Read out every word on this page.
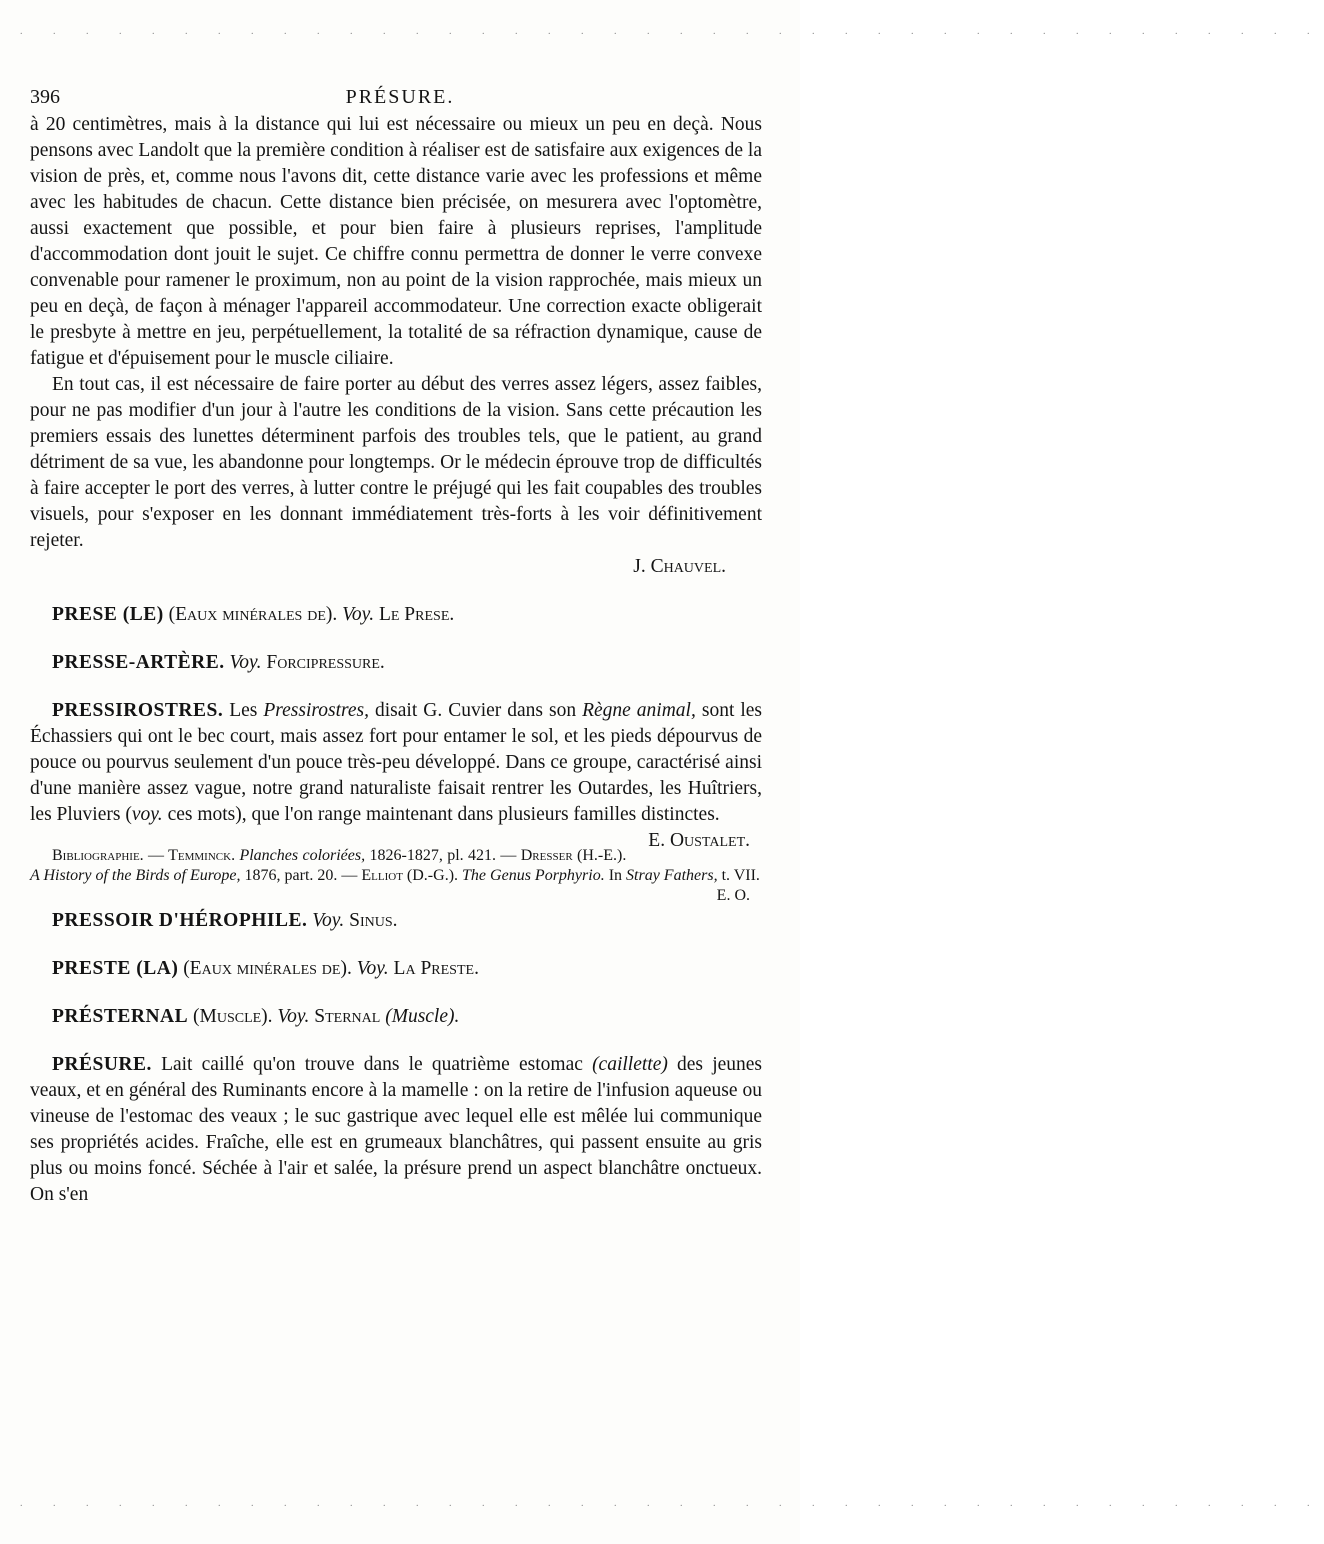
. . . . . . . . . . . . . . . . . . . . . . . . . . . . . . . . . . . . . . . .
396	PRÉSURE.

à 20 centimètres, mais à la distance qui lui est nécessaire ou mieux un peu en deçà. Nous pensons avec Landolt que la première condition à réaliser est de satisfaire aux exigences de la vision de près, et, comme nous l'avons dit, cette distance varie avec les professions et même avec les habitudes de chacun. Cette distance bien précisée, on mesurera avec l'optomètre, aussi exactement que possible, et pour bien faire à plusieurs reprises, l'amplitude d'accommodation dont jouit le sujet. Ce chiffre connu permettra de donner le verre convexe convenable pour ramener le proximum, non au point de la vision rapprochée, mais mieux un peu en deçà, de façon à ménager l'appareil accommodateur. Une correction exacte obligerait le presbyte à mettre en jeu, perpétuellement, la totalité de sa réfraction dynamique, cause de fatigue et d'épuisement pour le muscle ciliaire.

En tout cas, il est nécessaire de faire porter au début des verres assez légers, assez faibles, pour ne pas modifier d'un jour à l'autre les conditions de la vision. Sans cette précaution les premiers essais des lunettes déterminent parfois des troubles tels, que le patient, au grand détriment de sa vue, les abandonne pour longtemps. Or le médecin éprouve trop de difficultés à faire accepter le port des verres, à lutter contre le préjugé qui les fait coupables des troubles visuels, pour s'exposer en les donnant immédiatement très-forts à les voir définitivement rejeter.

J. Chauvel.

PRESE (LE) (Eaux minérales de). Voy. Le Prese.

PRESSE-ARTÈRE. Voy. Forcipressure.

PRESSIROSTRES. Les Pressirostres, disait G. Cuvier dans son Règne animal, sont les Échassiers qui ont le bec court, mais assez fort pour entamer le sol, et les pieds dépourvus de pouce ou pourvus seulement d'un pouce très-peu développé. Dans ce groupe, caractérisé ainsi d'une manière assez vague, notre grand naturaliste faisait rentrer les Outardes, les Huîtriers, les Pluviers (voy. ces mots), que l'on range maintenant dans plusieurs familles distinctes.
E. Oustalet.

Bibliographie. — Temminck. Planches coloriées, 1826-1827, pl. 421. — Dresser (H.-E.). A History of the Birds of Europe, 1876, part. 20. — Elliot (D.-G.). The Genus Porphyrio. In Stray Fathers, t. VII.
E. O.

PRESSOIR D'HÉROPHILE. Voy. Sinus.

PRESTE (LA) (Eaux minérales de). Voy. La Preste.

PRÉSTERNAL (Muscle). Voy. Sternal (Muscle).

PRÉSURE. Lait caillé qu'on trouve dans le quatrième estomac (caillette) des jeunes veaux, et en général des Ruminants encore à la mamelle : on la retire de l'infusion aqueuse ou vineuse de l'estomac des veaux ; le suc gastrique avec lequel elle est mêlée lui communique ses propriétés acides. Fraîche, elle est en grumeaux blanchâtres, qui passent ensuite au gris plus ou moins foncé. Séchée à l'air et salée, la présure prend un aspect blanchâtre onctueux. On s'en

. . . . . . . . . . . . . . . . . . . . . . . . . . . . . . . . . . . . . . . .
